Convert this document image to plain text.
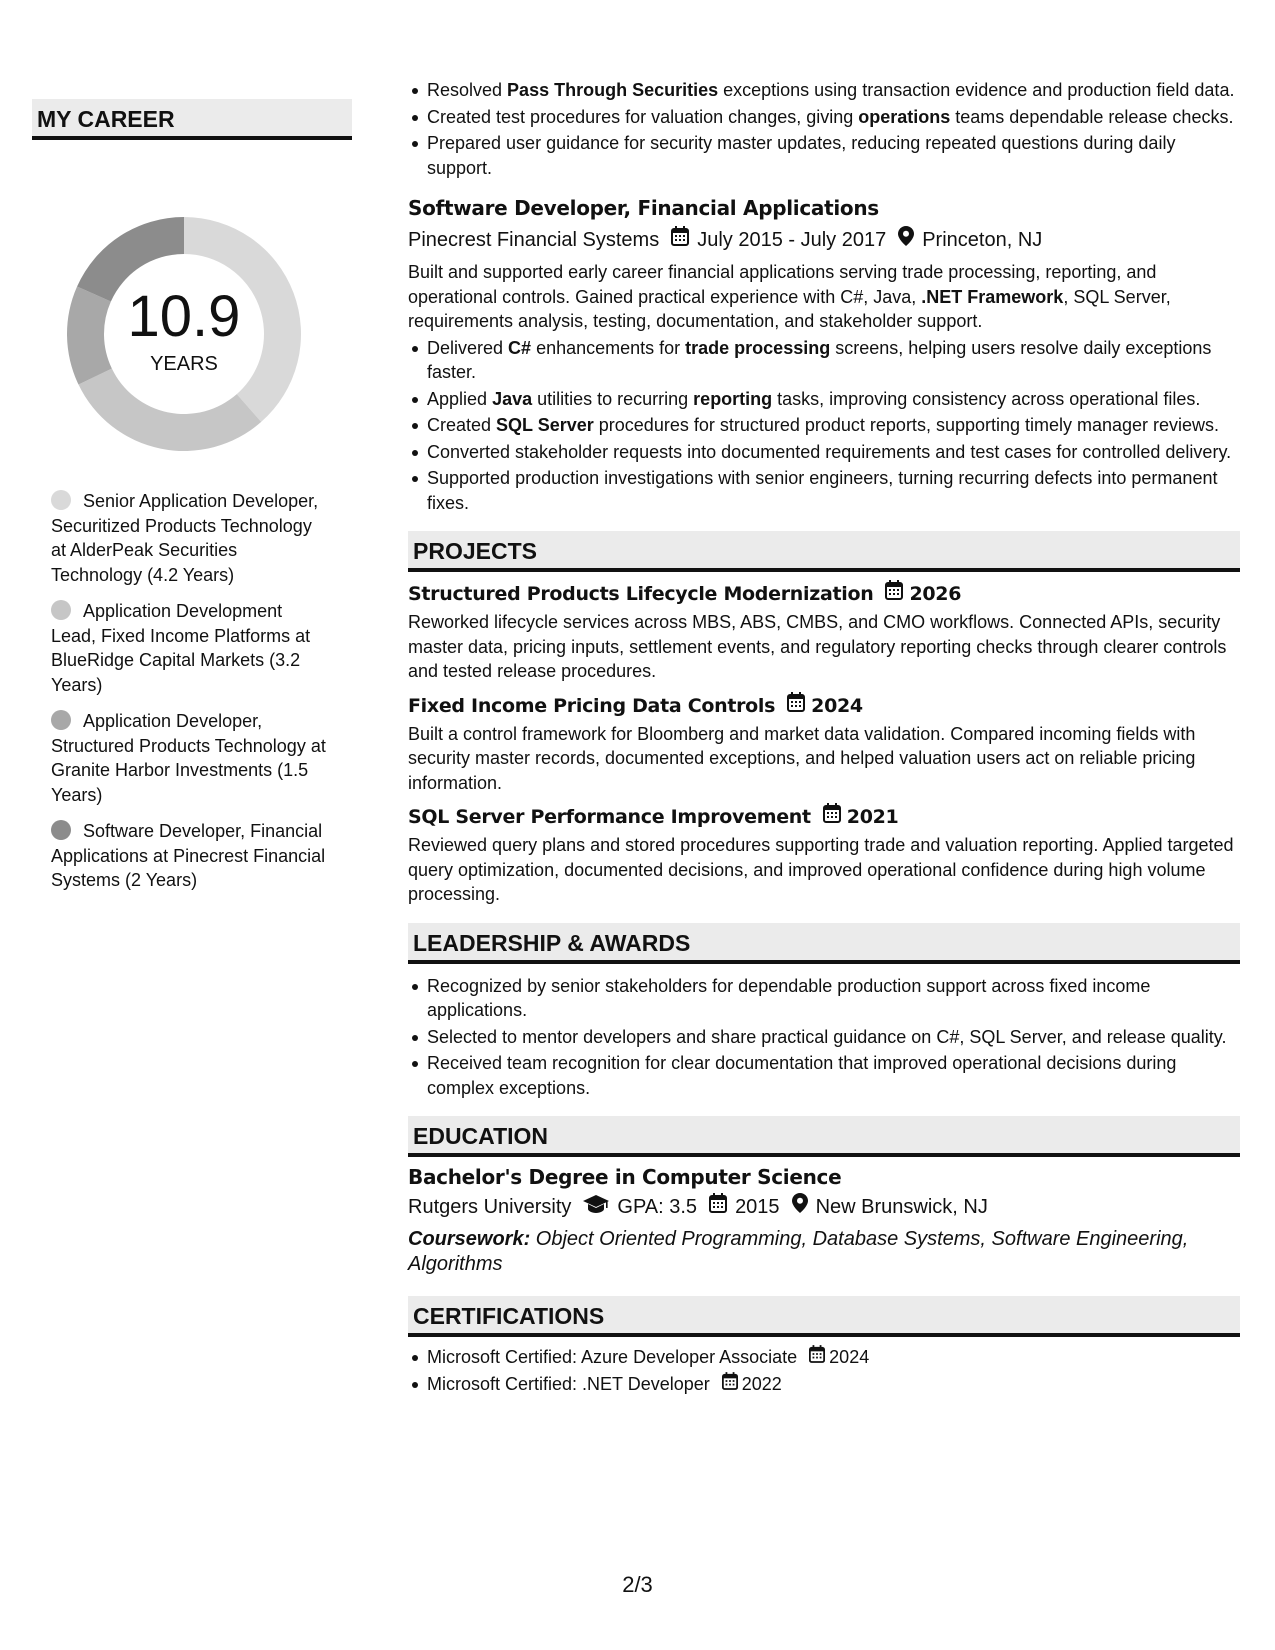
MY CAREER
10.9
YEARS
Senior Application Developer, Securitized Products Technology at AlderPeak Securities Technology (4.2 Years)
Application Development Lead, Fixed Income Platforms at BlueRidge Capital Markets (3.2 Years)
Application Developer, Structured Products Technology at Granite Harbor Investments (1.5 Years)
Software Developer, Financial Applications at Pinecrest Financial Systems (2 Years)
Resolved Pass Through Securities exceptions using transaction evidence and production field data.
Created test procedures for valuation changes, giving operations teams dependable release checks.
Prepared user guidance for security master updates, reducing repeated questions during daily support.
Software Developer, Financial Applications
Pinecrest Financial Systems July 2015 - July 2017 Princeton, NJ

Built and supported early career financial applications serving trade processing, reporting, and operational controls. Gained practical experience with C#, Java, .NET Framework, SQL Server, requirements analysis, testing, documentation, and stakeholder support.

Delivered C# enhancements for trade processing screens, helping users resolve daily exceptions faster.
Applied Java utilities to recurring reporting tasks, improving consistency across operational files.
Created SQL Server procedures for structured product reports, supporting timely manager reviews.
Converted stakeholder requests into documented requirements and test cases for controlled delivery.
Supported production investigations with senior engineers, turning recurring defects into permanent fixes.
PROJECTS
Structured Products Lifecycle Modernization 2026

Reworked lifecycle services across MBS, ABS, CMBS, and CMO workflows. Connected APIs, security master data, pricing inputs, settlement events, and regulatory reporting checks through clearer controls and tested release procedures.

Fixed Income Pricing Data Controls 2024

Built a control framework for Bloomberg and market data validation. Compared incoming fields with security master records, documented exceptions, and helped valuation users act on reliable pricing information.

SQL Server Performance Improvement 2021

Reviewed query plans and stored procedures supporting trade and valuation reporting. Applied targeted query optimization, documented decisions, and improved operational confidence during high volume processing.

LEADERSHIP & AWARDS
Recognized by senior stakeholders for dependable production support across fixed income applications.
Selected to mentor developers and share practical guidance on C#, SQL Server, and release quality.
Received team recognition for clear documentation that improved operational decisions during complex exceptions.
EDUCATION
Bachelor's Degree in Computer Science
Rutgers University GPA: 3.5 2015 New Brunswick, NJ
Coursework: Object Oriented Programming, Database Systems, Software Engineering, Algorithms
CERTIFICATIONS
Microsoft Certified: Azure Developer Associate 2024
Microsoft Certified: .NET Developer 2022
2/3
